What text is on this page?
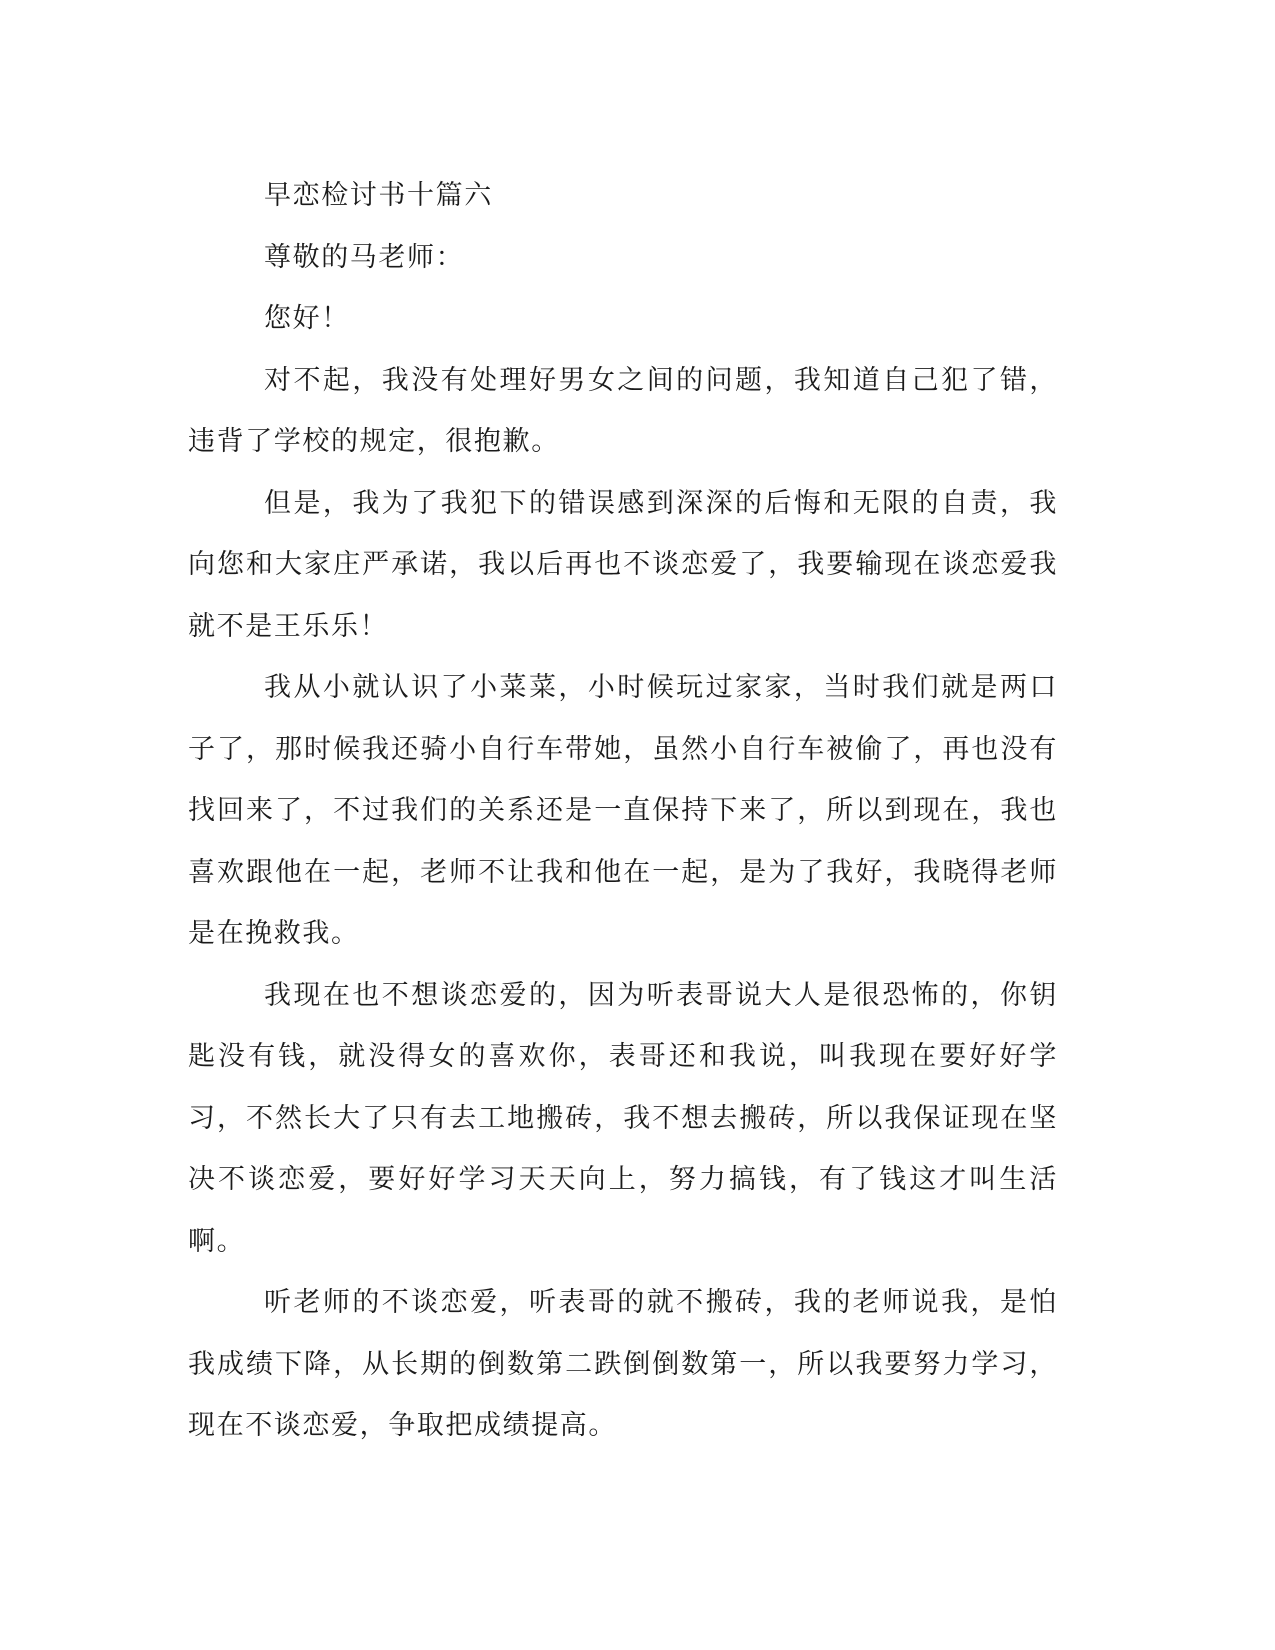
早恋检讨书十篇六

尊敬的马老师：

您好！

对不起，我没有处理好男女之间的问题，我知道自己犯了错，违背了学校的规定，很抱歉。

但是，我为了我犯下的错误感到深深的后悔和无限的自责，我向您和大家庄严承诺，我以后再也不谈恋爱了，我要输现在谈恋爱我就不是王乐乐！

我从小就认识了小菜菜，小时候玩过家家，当时我们就是两口子了，那时候我还骑小自行车带她，虽然小自行车被偷了，再也没有找回来了，不过我们的关系还是一直保持下来了，所以到现在，我也喜欢跟他在一起，老师不让我和他在一起，是为了我好，我晓得老师是在挽救我。

我现在也不想谈恋爱的，因为听表哥说大人是很恐怖的，你钥匙没有钱，就没得女的喜欢你，表哥还和我说，叫我现在要好好学习，不然长大了只有去工地搬砖，我不想去搬砖，所以我保证现在坚决不谈恋爱，要好好学习天天向上，努力搞钱，有了钱这才叫生活啊。

听老师的不谈恋爱，听表哥的就不搬砖，我的老师说我，是怕我成绩下降，从长期的倒数第二跌倒倒数第一，所以我要努力学习，现在不谈恋爱，争取把成绩提高。
